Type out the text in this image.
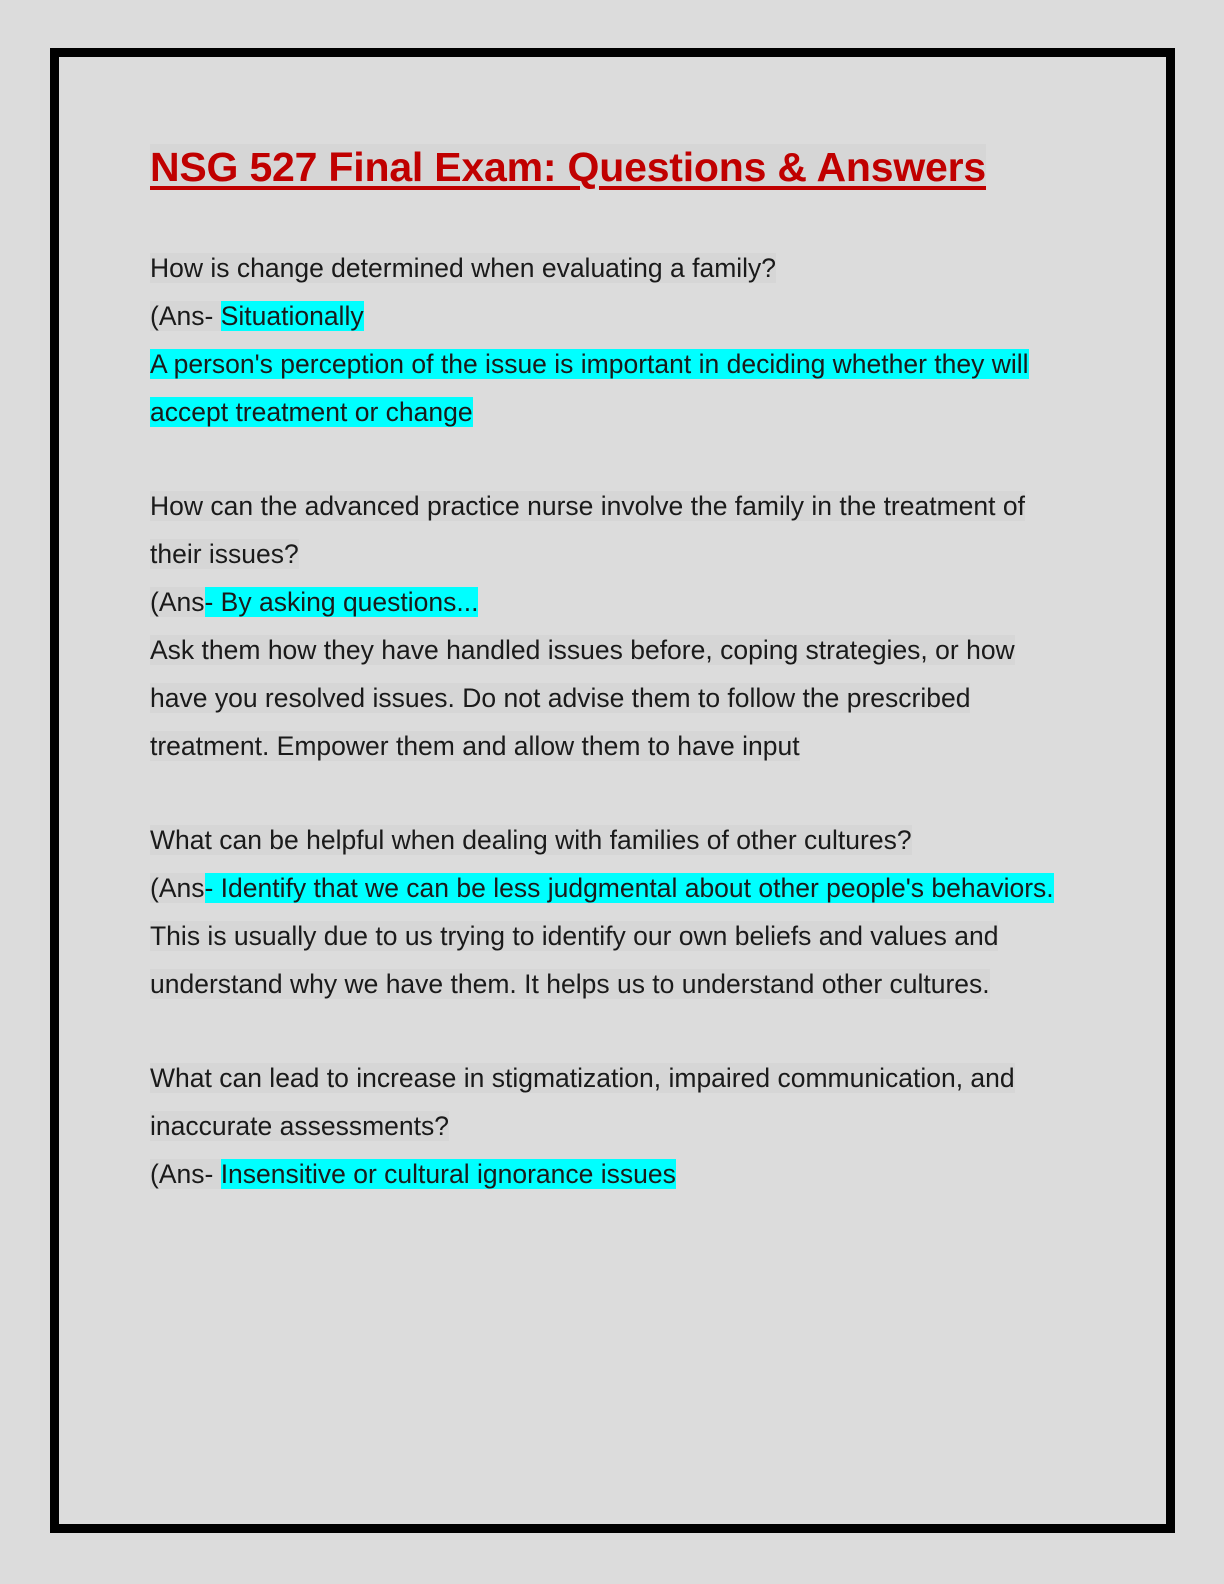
NSG 527 Final Exam: Questions & Answers
How is change determined when evaluating a family?
(Ans- Situationally
A person's perception of the issue is important in deciding whether they will accept treatment or change
How can the advanced practice nurse involve the family in the treatment of their issues?
(Ans- By asking questions...
Ask them how they have handled issues before, coping strategies, or how have you resolved issues. Do not advise them to follow the prescribed treatment. Empower them and allow them to have input
What can be helpful when dealing with families of other cultures?
(Ans- Identify that we can be less judgmental about other people's behaviors.
This is usually due to us trying to identify our own beliefs and values and understand why we have them. It helps us to understand other cultures.
What can lead to increase in stigmatization, impaired communication, and inaccurate assessments?
(Ans- Insensitive or cultural ignorance issues
